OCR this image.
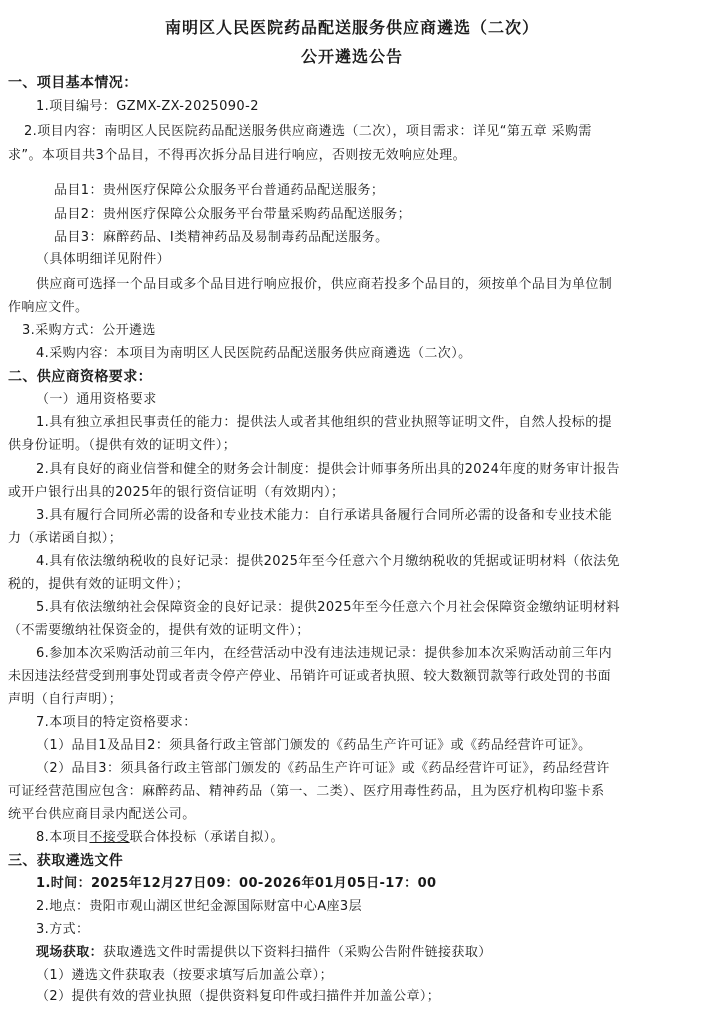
南明区人民医院药品配送服务供应商遴选（二次）
公开遴选公告
一、项目基本情况：
1.项目编号：GZMX-ZX-2025090-2
2.项目内容：南明区人民医院药品配送服务供应商遴选（二次），项目需求：详见“第五章 采购需
求”。本项目共3个品目，不得再次拆分品目进行响应，否则按无效响应处理。
品目1：贵州医疗保障公众服务平台普通药品配送服务；
品目2：贵州医疗保障公众服务平台带量采购药品配送服务；
品目3：麻醉药品、I类精神药品及易制毒药品配送服务。
（具体明细详见附件）
供应商可选择一个品目或多个品目进行响应报价，供应商若投多个品目的，须按单个品目为单位制
作响应文件。
3.采购方式：公开遴选
4.采购内容：本项目为南明区人民医院药品配送服务供应商遴选（二次）。
二、供应商资格要求：
（一）通用资格要求
1.具有独立承担民事责任的能力：提供法人或者其他组织的营业执照等证明文件，自然人投标的提
供身份证明。（提供有效的证明文件）；
2.具有良好的商业信誉和健全的财务会计制度：提供会计师事务所出具的2024年度的财务审计报告
或开户银行出具的2025年的银行资信证明（有效期内）；
3.具有履行合同所必需的设备和专业技术能力：自行承诺具备履行合同所必需的设备和专业技术能
力（承诺函自拟）；
4.具有依法缴纳税收的良好记录：提供2025年至今任意六个月缴纳税收的凭据或证明材料（依法免
税的，提供有效的证明文件）；
5.具有依法缴纳社会保障资金的良好记录：提供2025年至今任意六个月社会保障资金缴纳证明材料
（不需要缴纳社保资金的，提供有效的证明文件）；
6.参加本次采购活动前三年内，在经营活动中没有违法违规记录：提供参加本次采购活动前三年内
未因违法经营受到刑事处罚或者责令停产停业、吊销许可证或者执照、较大数额罚款等行政处罚的书面
声明（自行声明）；
7.本项目的特定资格要求：
（1）品目1及品目2：须具备行政主管部门颁发的《药品生产许可证》或《药品经营许可证》。
（2）品目3：须具备行政主管部门颁发的《药品生产许可证》或《药品经营许可证》，药品经营许
可证经营范围应包含：麻醉药品、精神药品（第一、二类）、医疗用毒性药品，且为医疗机构印鉴卡系
统平台供应商目录内配送公司。
8.本项目不接受联合体投标（承诺自拟）。
三、获取遴选文件
1.时间：2025年12月27日09：00-2026年01月05日-17：00
2.地点：贵阳市观山湖区世纪金源国际财富中心A座3层
3.方式：
现场获取：获取遴选文件时需提供以下资料扫描件（采购公告附件链接获取）
（1）遴选文件获取表（按要求填写后加盖公章）；
（2）提供有效的营业执照（提供资料复印件或扫描件并加盖公章）；
